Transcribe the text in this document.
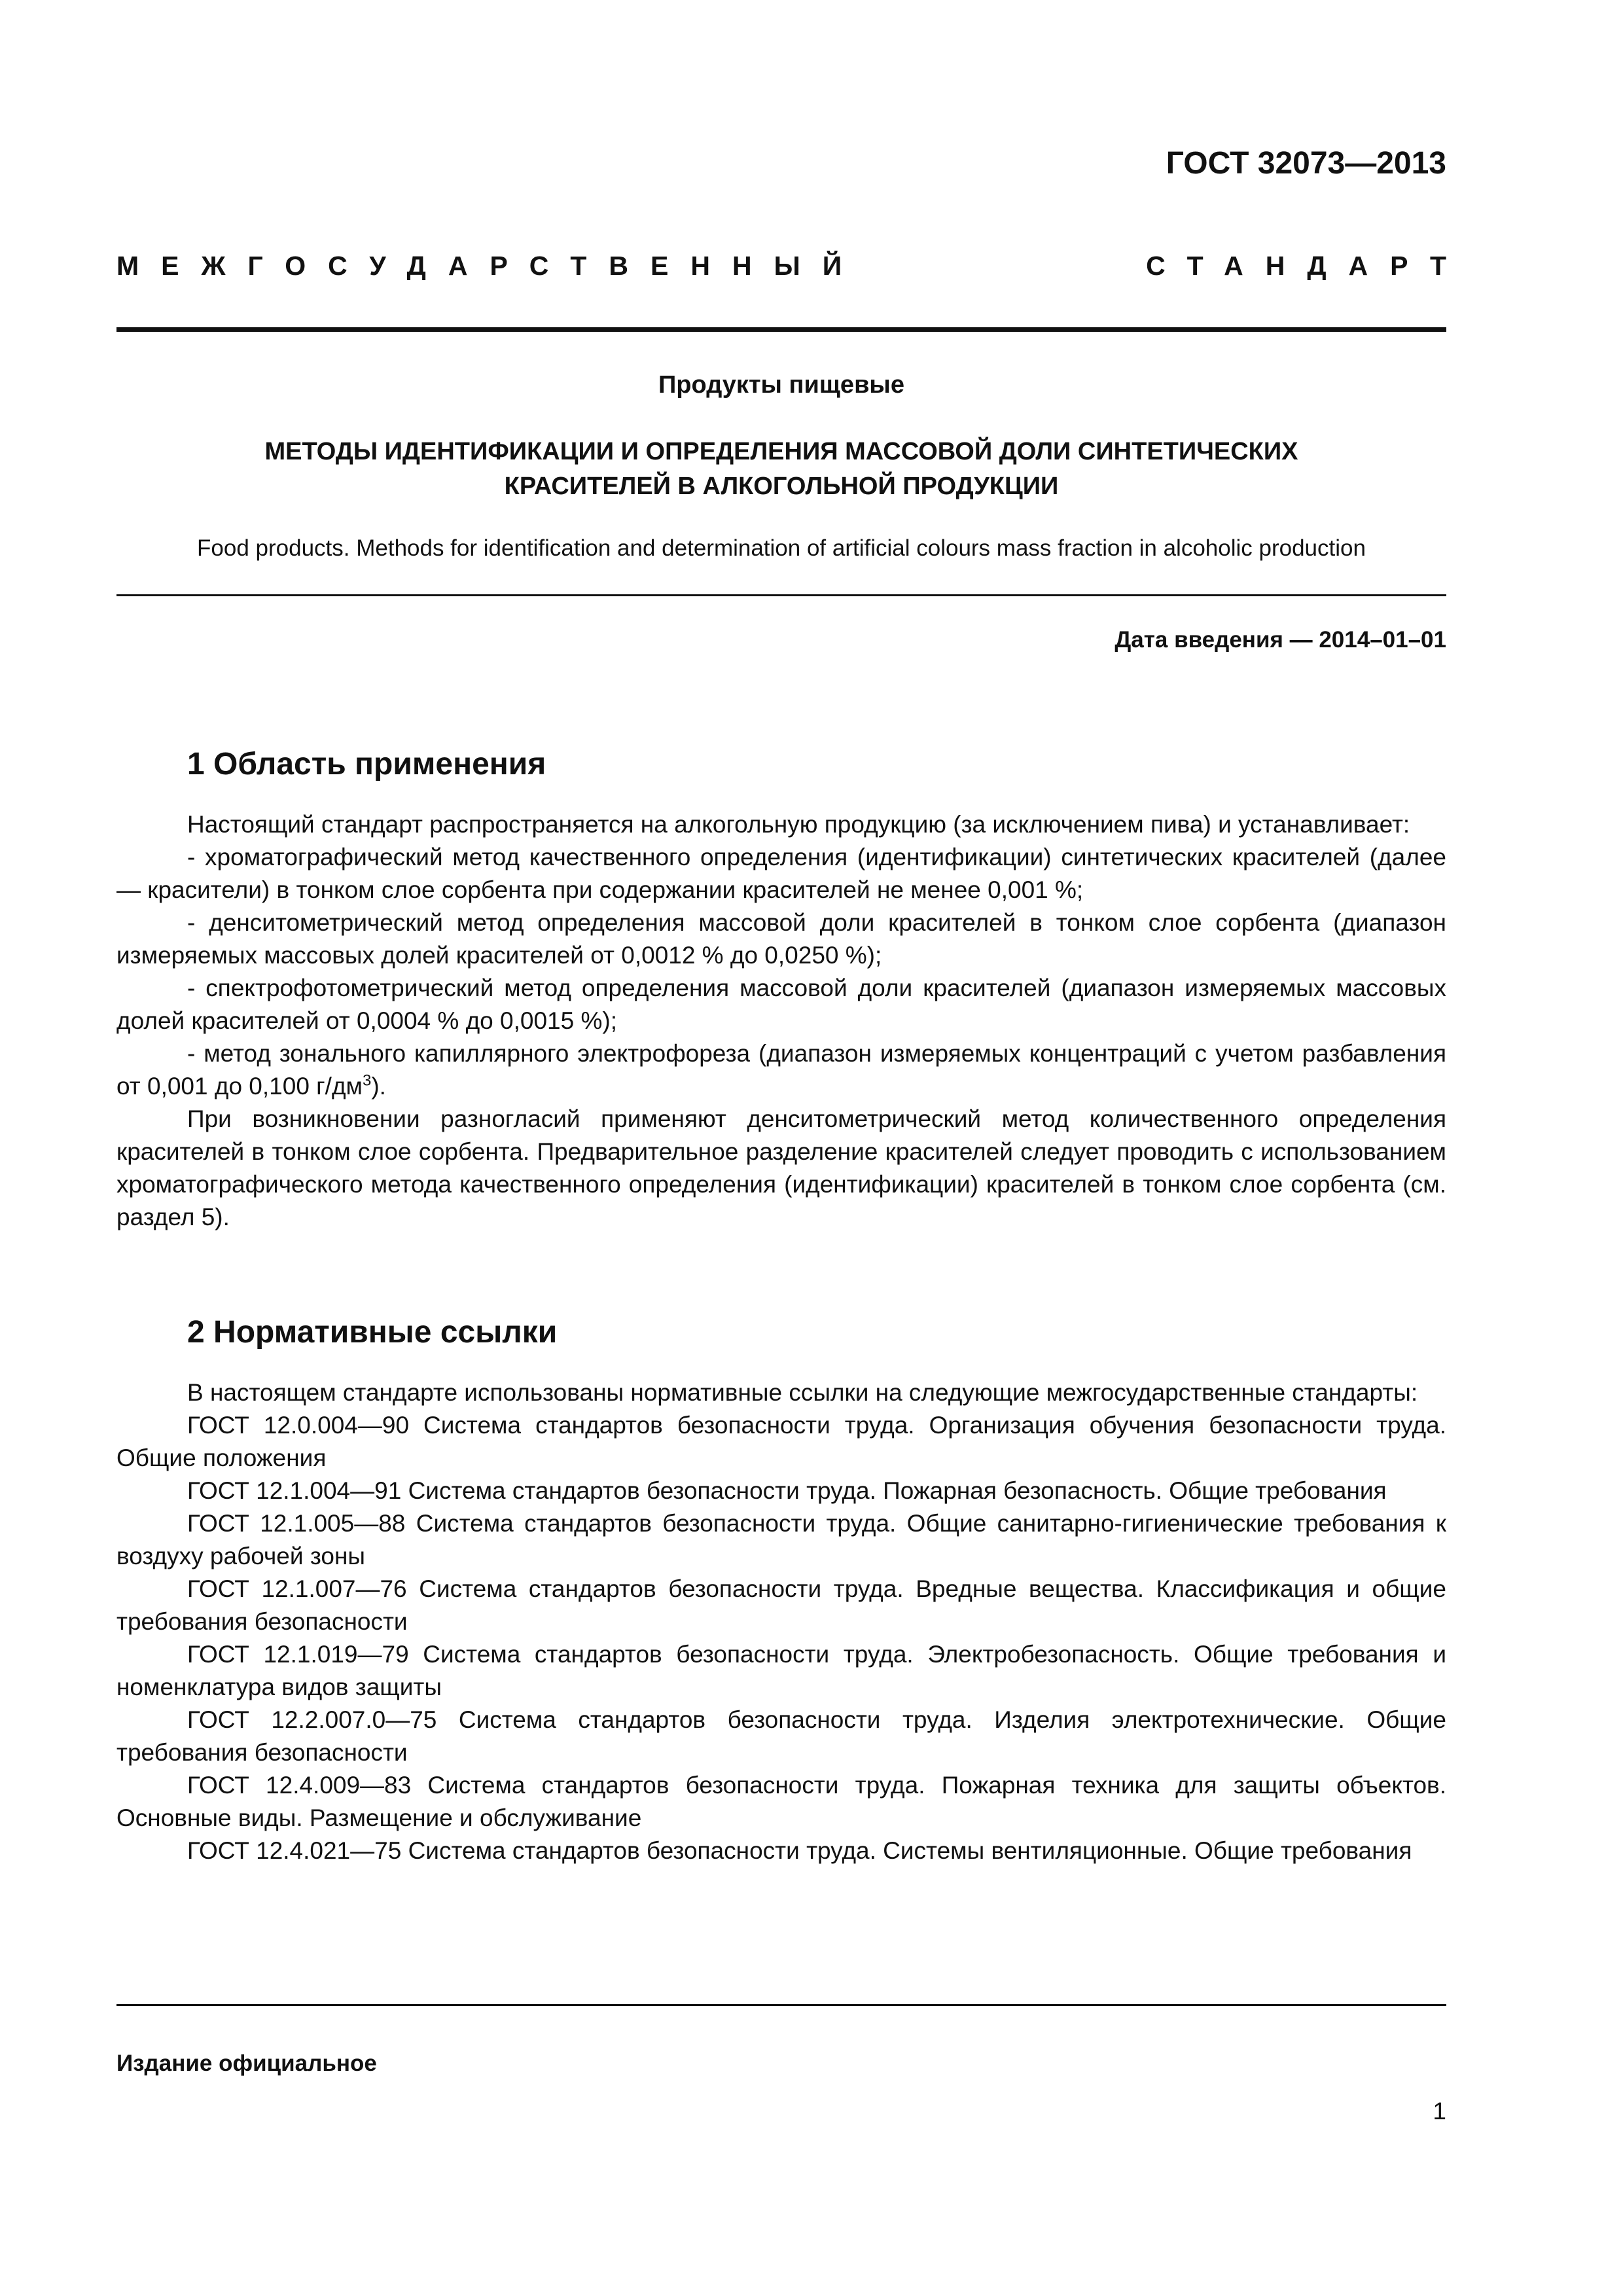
ГОСТ 32073—2013
МЕЖГОСУДАРСТВЕННЫЙ	СТАНДАРТ
Продукты пищевые
МЕТОДЫ ИДЕНТИФИКАЦИИ И ОПРЕДЕЛЕНИЯ МАССОВОЙ ДОЛИ СИНТЕТИЧЕСКИХ
КРАСИТЕЛЕЙ В АЛКОГОЛЬНОЙ ПРОДУКЦИИ
Food products. Methods for identification and determination of artificial colours mass fraction in alcoholic production
Дата введения — 2014–01–01
1 Область применения

Настоящий стандарт распространяется на алкогольную продукцию (за исключением пива) и устанавливает:

- хроматографический метод качественного определения (идентификации) синтетических красителей (далее — красители) в тонком слое сорбента при содержании красителей не менее 0,001 %;

- денситометрический метод определения массовой доли красителей в тонком слое сорбента (диапазон измеряемых массовых долей красителей от 0,0012 % до 0,0250 %);

- спектрофотометрический метод определения массовой доли красителей (диапазон измеряемых массовых долей красителей от 0,0004 % до 0,0015 %);

- метод зонального капиллярного электрофореза (диапазон измеряемых концентраций с учетом разбавления от 0,001 до 0,100 $г/дм^3$).

При возникновении разногласий применяют денситометрический метод количественного определения красителей в тонком слое сорбента. Предварительное разделение красителей следует проводить с использованием хроматографического метода качественного определения (идентификации) красителей в тонком слое сорбента (см. раздел 5).

2 Нормативные ссылки

В настоящем стандарте использованы нормативные ссылки на следующие межгосударственные стандарты:

ГОСТ 12.0.004—90 Система стандартов безопасности труда. Организация обучения безопасности труда. Общие положения

ГОСТ 12.1.004—91 Система стандартов безопасности труда. Пожарная безопасность. Общие требования

ГОСТ 12.1.005—88 Система стандартов безопасности труда. Общие санитарно-гигиенические требования к воздуху рабочей зоны

ГОСТ 12.1.007—76 Система стандартов безопасности труда. Вредные вещества. Классификация и общие требования безопасности

ГОСТ 12.1.019—79 Система стандартов безопасности труда. Электробезопасность. Общие требования и номенклатура видов защиты

ГОСТ 12.2.007.0—75 Система стандартов безопасности труда. Изделия электротехнические. Общие требования безопасности

ГОСТ 12.4.009—83 Система стандартов безопасности труда. Пожарная техника для защиты объектов. Основные виды. Размещение и обслуживание

ГОСТ 12.4.021—75 Система стандартов безопасности труда. Системы вентиляционные. Общие требования

Издание официальное
1
